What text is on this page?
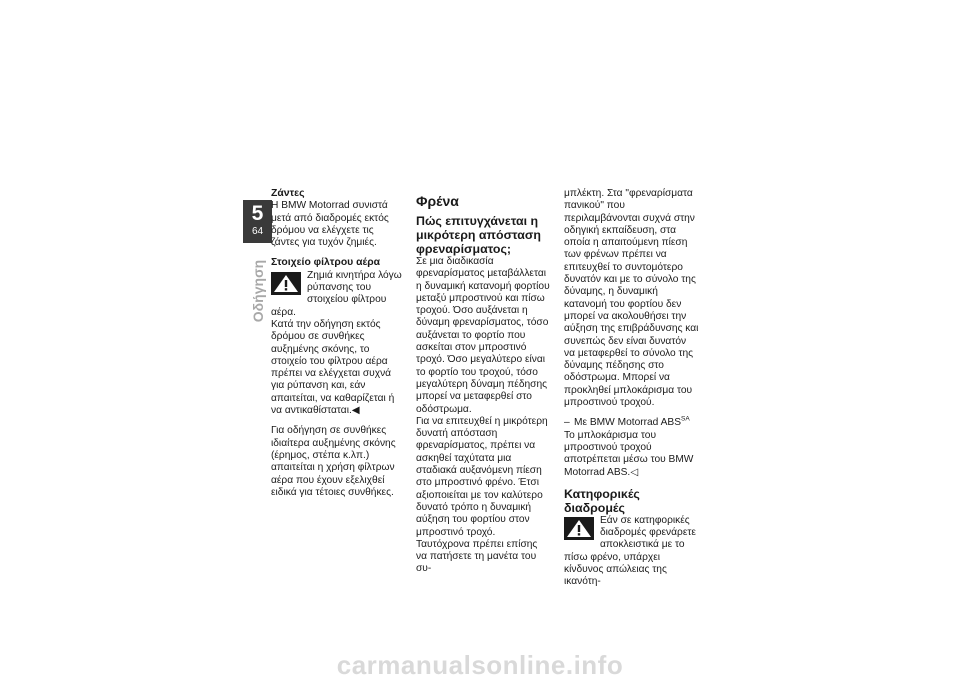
5
64
Οδήγηση

Ζάντες

Η BMW Motorrad συνιστά μετά από διαδρομές εκτός δρόμου να ελέγχετε τις ζάντες για τυχόν ζημιές.

Στοιχείο φίλτρου αέρα

Ζημιά κινητήρα λόγω ρύπανσης του στοιχείου φίλτρου αέρα.

Κατά την οδήγηση εκτός δρόμου σε συνθήκες αυξημένης σκόνης, το στοιχείο του φίλτρου αέρα πρέπει να ελέγχεται συχνά για ρύπανση και, εάν απαιτείται, να καθαρίζεται ή να αντικαθίσταται.◀

Για οδήγηση σε συνθήκες ιδιαίτερα αυξημένης σκόνης (έρημος, στέπα κ.λπ.) απαιτείται η χρήση φίλτρων αέρα που έχουν εξελιχθεί ειδικά για τέτοιες συνθήκες.

Φρένα

Πώς επιτυγχάνεται η μικρότερη απόσταση φρεναρίσματος;

Σε μια διαδικασία φρεναρίσματος μεταβάλλεται η δυναμική κατανομή φορτίου μεταξύ μπροστινού και πίσω τροχού. Όσο αυξάνεται η δύναμη φρεναρίσματος, τόσο αυξάνεται το φορτίο που ασκείται στον μπροστινό τροχό. Όσο μεγαλύτερο είναι το φορτίο του τροχού, τόσο μεγαλύτερη δύναμη πέδησης μπορεί να μεταφερθεί στο οδόστρωμα.

Για να επιτευχθεί η μικρότερη δυνατή απόσταση φρεναρίσματος, πρέπει να ασκηθεί ταχύτατα μια σταδιακά αυξανόμενη πίεση στο μπροστινό φρένο. Έτσι αξιοποιείται με τον καλύτερο δυνατό τρόπο η δυναμική αύξηση του φορτίου στον μπροστινό τροχό. Ταυτόχρονα πρέπει επίσης να πατήσετε τη μανέτα του συ-

μπλέκτη. Στα "φρεναρίσματα πανικού" που περιλαμβάνονται συχνά στην οδηγική εκπαίδευση, στα οποία η απαιτούμενη πίεση των φρένων πρέπει να επιτευχθεί το συντομότερο δυνατόν και με το σύνολο της δύναμης, η δυναμική κατανομή του φορτίου δεν μπορεί να ακολουθήσει την αύξηση της επιβράδυνσης και συνεπώς δεν είναι δυνατόν να μεταφερθεί το σύνολο της δύναμης πέδησης στο οδόστρωμα. Μπορεί να προκληθεί μπλοκάρισμα του μπροστινού τροχού.

– Με BMW Motorrad $ABS^{SA}$

Το μπλοκάρισμα του μπροστινού τροχού αποτρέπεται μέσω του BMW Motorrad ABS.◁

Κατηφορικές διαδρομές

Εάν σε κατηφορικές διαδρομές φρενάρετε αποκλειστικά με το πίσω φρένο, υπάρχει κίνδυνος απώλειας της ικανότη-

carmanualsonline.info
